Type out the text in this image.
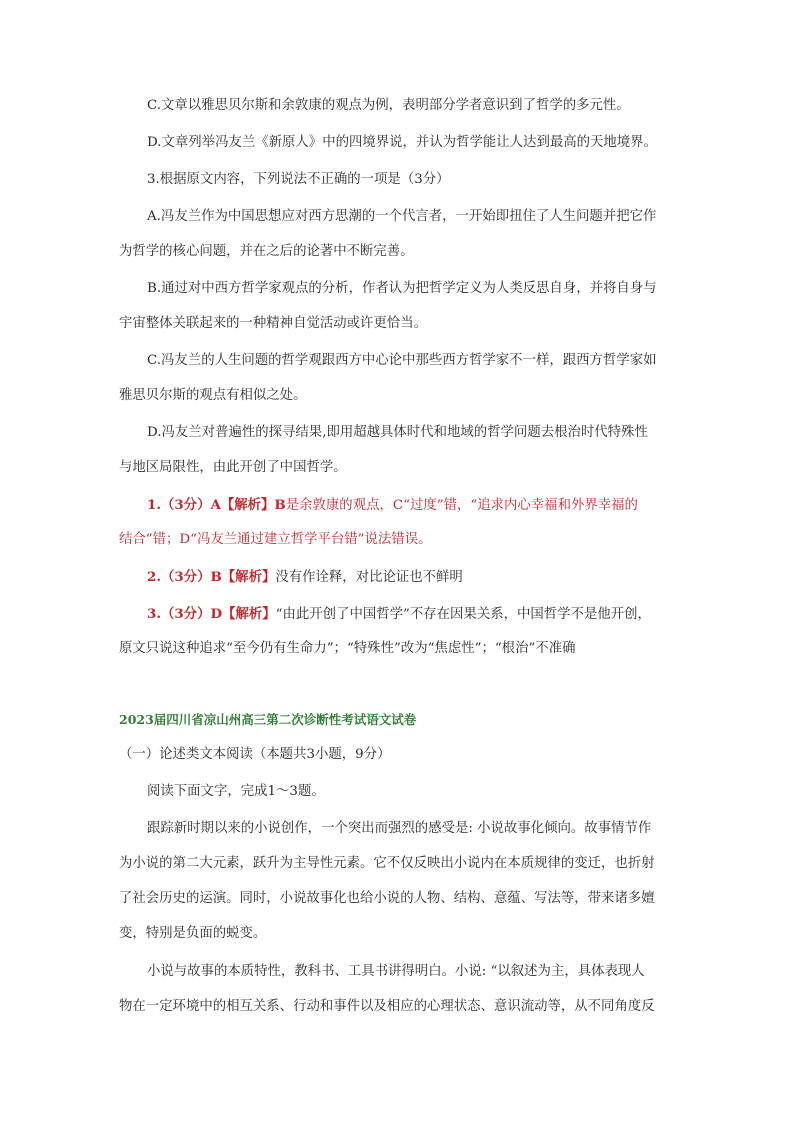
C.文章以雅思贝尔斯和余敦康的观点为例，表明部分学者意识到了哲学的多元性。
D.文章列举冯友兰《新原人》中的四境界说，并认为哲学能让人达到最高的天地境界。
3.根据原文内容，下列说法不正确的一项是（3分）
A.冯友兰作为中国思想应对西方思潮的一个代言者，一开始即扭住了人生问题并把它作
为哲学的核心问题，并在之后的论著中不断完善。
B.通过对中西方哲学家观点的分析，作者认为把哲学定义为人类反思自身，并将自身与
宇宙整体关联起来的一种精神自觉活动或许更恰当。
C.冯友兰的人生问题的哲学观跟西方中心论中那些西方哲学家不一样，跟西方哲学家如
雅思贝尔斯的观点有相似之处。
D.冯友兰对普遍性的探寻结果,即用超越具体时代和地域的哲学问题去根治时代特殊性
与地区局限性，由此开创了中国哲学。
1.（3分）A【解析】B是余敦康的观点，C“过度”错，“追求内心幸福和外界幸福的
结合”错；D“冯友兰通过建立哲学平台错”说法错误。
2.（3分）B【解析】没有作诠释，对比论证也不鲜明
3.（3分）D【解析】“由此开创了中国哲学”不存在因果关系，中国哲学不是他开创，
原文只说这种追求“至今仍有生命力”；“特殊性”改为“焦虑性”；“根治”不准确
2023届四川省凉山州高三第二次诊断性考试语文试卷
（一）论述类文本阅读（本题共3小题，9分）
阅读下面文字，完成1～3题。
跟踪新时期以来的小说创作，一个突出而强烈的感受是: 小说故事化倾向。故事情节作
为小说的第二大元素，跃升为主导性元素。它不仅反映出小说内在本质规律的变迁，也折射
了社会历史的运演。同时，小说故事化也给小说的人物、结构、意蕴、写法等，带来诸多嬗
变，特别是负面的蜕变。
小说与故事的本质特性，教科书、工具书讲得明白。小说: “以叙述为主，具体表现人
物在一定环境中的相互关系、行动和事件以及相应的心理状态、意识流动等，从不同角度反
